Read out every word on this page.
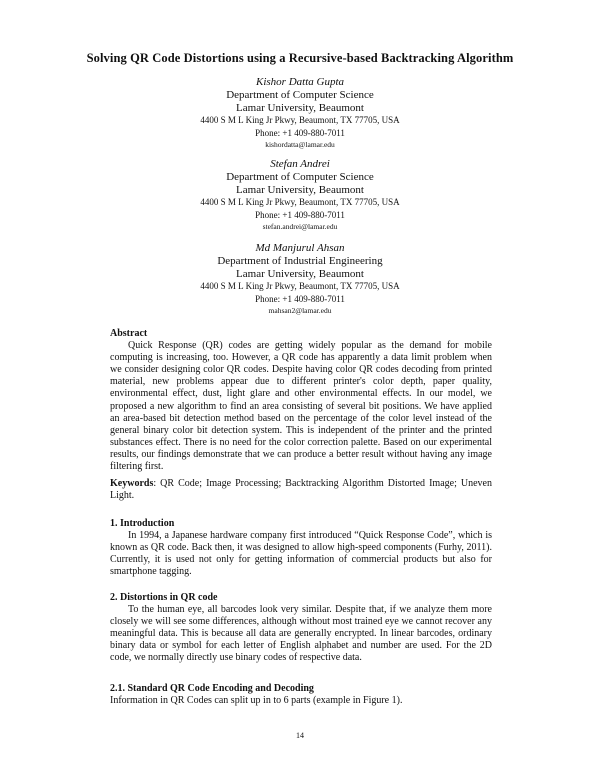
Solving QR Code Distortions using a Recursive-based Backtracking Algorithm
Kishor Datta Gupta
Department of Computer Science
Lamar University, Beaumont
4400 S M L King Jr Pkwy, Beaumont, TX 77705, USA
Phone: +1 409-880-7011
kishordatta@lamar.edu
Stefan Andrei
Department of Computer Science
Lamar University, Beaumont
4400 S M L King Jr Pkwy, Beaumont, TX 77705, USA
Phone: +1 409-880-7011
stefan.andrei@lamar.edu
Md Manjurul Ahsan
Department of Industrial Engineering
Lamar University, Beaumont
4400 S M L King Jr Pkwy, Beaumont, TX 77705, USA
Phone: +1 409-880-7011
mahsan2@lamar.edu
Abstract
Quick Response (QR) codes are getting widely popular as the demand for mobile computing is increasing, too. However, a QR code has apparently a data limit problem when we consider designing color QR codes. Despite having color QR codes decoding from printed material, new problems appear due to different printer's color depth, paper quality, environmental effect, dust, light glare and other environmental effects. In our model, we proposed a new algorithm to find an area consisting of several bit positions. We have applied an area-based bit detection method based on the percentage of the color level instead of the general binary color bit detection system. This is independent of the printer and the printed substances effect. There is no need for the color correction palette. Based on our experimental results, our findings demonstrate that we can produce a better result without having any image filtering first.
Keywords: QR Code; Image Processing; Backtracking Algorithm Distorted Image; Uneven Light.
1. Introduction
In 1994, a Japanese hardware company first introduced “Quick Response Code”, which is known as QR code. Back then, it was designed to allow high-speed components (Furhy, 2011). Currently, it is used not only for getting information of commercial products but also for smartphone tagging.
2. Distortions in QR code
To the human eye, all barcodes look very similar. Despite that, if we analyze them more closely we will see some differences, although without most trained eye we cannot recover any meaningful data. This is because all data are generally encrypted. In linear barcodes, ordinary binary data or symbol for each letter of English alphabet and number are used. For the 2D code, we normally directly use binary codes of respective data.
2.1. Standard QR Code Encoding and Decoding
Information in QR Codes can split up in to 6 parts (example in Figure 1).
14
